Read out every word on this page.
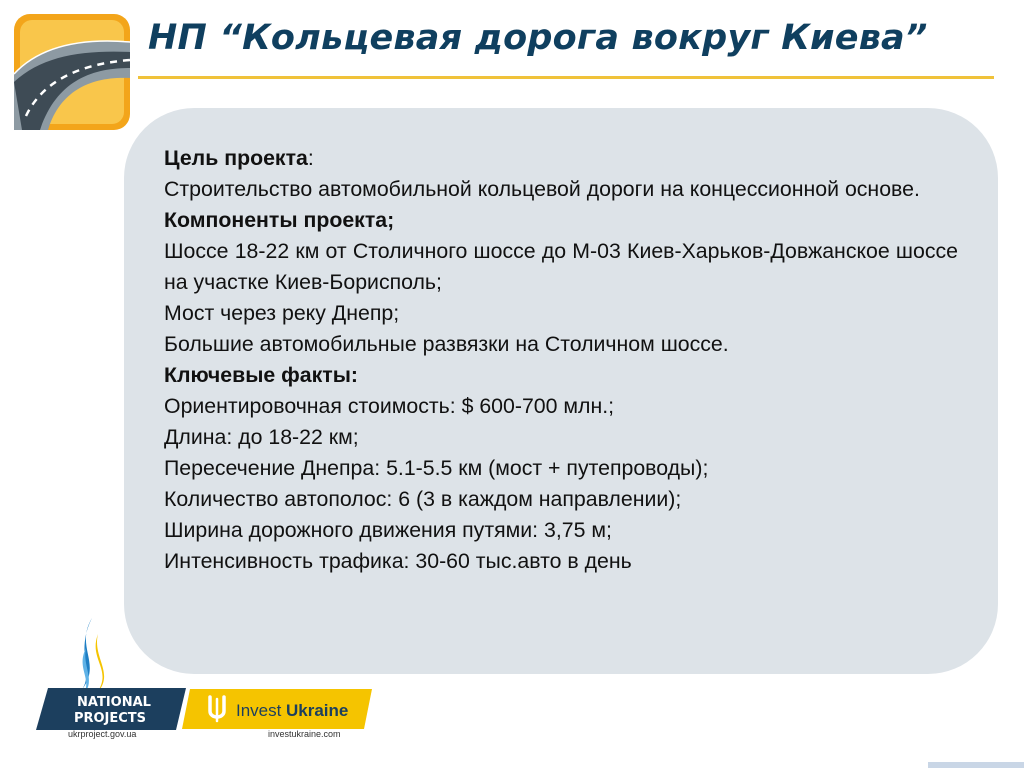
НП “Кольцевая дорога вокруг Киева”

Цель проекта:

Строительство автомобильной кольцевой дороги на концессионной основе.

Компоненты проекта;

Шоссе 18-22 км от Столичного шоссе до М-03 Киев-Харьков-Довжанское шоссе на участке Киев-Борисполь;

Мост через реку Днепр;

Большие автомобильные развязки на Столичном шоссе.

Ключевые факты:

Ориентировочная стоимость: $ 600-700 млн.;

Длина: до 18-22 км;

Пересечение Днепра: 5.1-5.5 км (мост + путепроводы);

Количество автополос: 6 (3 в каждом направлении);

Ширина дорожного движения путями: 3,75 м;

Интенсивность трафика: 30-60 тыс.авто в день

NATIONAL
PROJECTS
ukrproject.gov.ua
Invest Ukraine
investukraine.com
